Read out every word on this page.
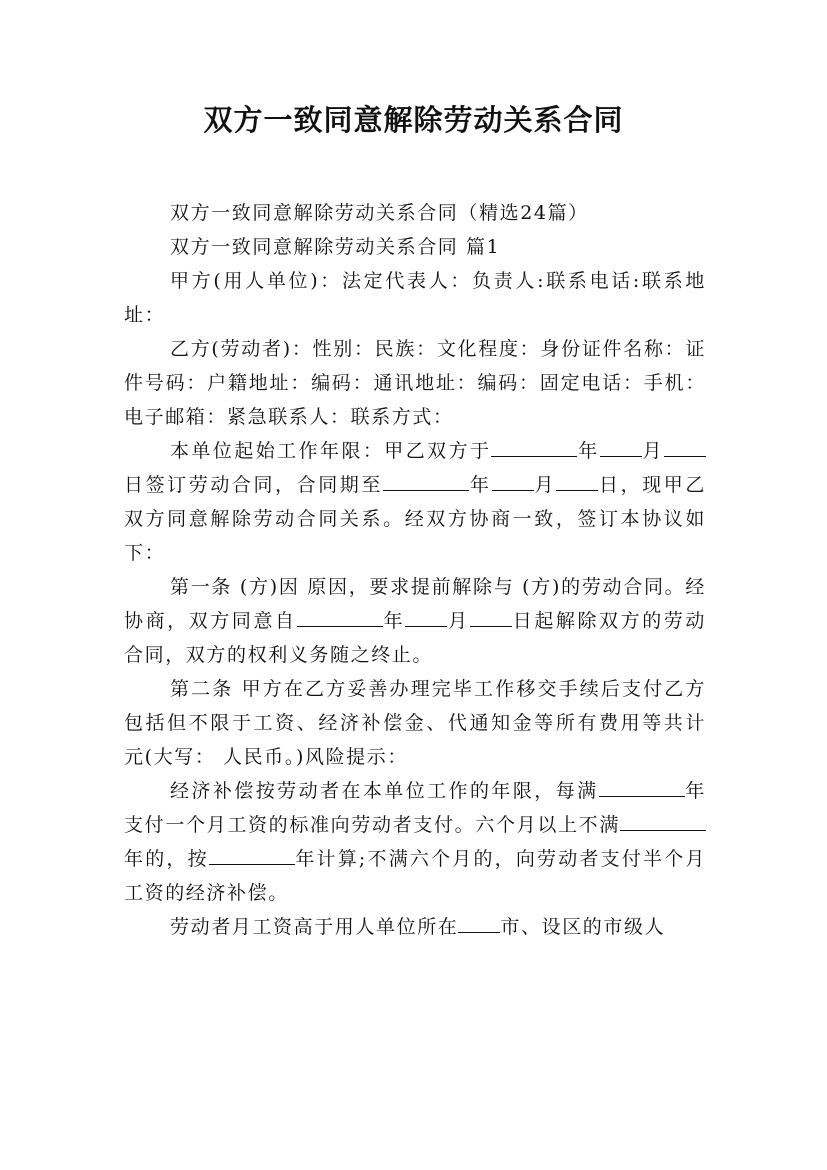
双方一致同意解除劳动关系合同

双方一致同意解除劳动关系合同（精选24篇）

双方一致同意解除劳动关系合同 篇1

甲方(用人单位)：法定代表人：负责人:联系电话:联系地址：

乙方(劳动者)：性别：民族：文化程度：身份证件名称：证件号码：户籍地址：编码：通讯地址：编码：固定电话：手机：电子邮箱：紧急联系人：联系方式：

本单位起始工作年限：甲乙双方于	年 月日签订劳动合同，合同期至	年 月 日，现甲乙双方同意解除劳动合同关系。经双方协商一致，签订本协议如下：

第一条 (方)因 原因，要求提前解除与 (方)的劳动合同。经协商，双方同意自	年 月 日起解除双方的劳动合同，双方的权利义务随之终止。

第二条 甲方在乙方妥善办理完毕工作移交手续后支付乙方包括但不限于工资、经济补偿金、代通知金等所有费用等共计 元(大写： 人民币。)风险提示：

经济补偿按劳动者在本单位工作的年限，每满	年支付一个月工资的标准向劳动者支付。六个月以上不满年的，按	年计算;不满六个月的，向劳动者支付半个月工资的经济补偿。

劳动者月工资高于用人单位所在 市、设区的市级人
